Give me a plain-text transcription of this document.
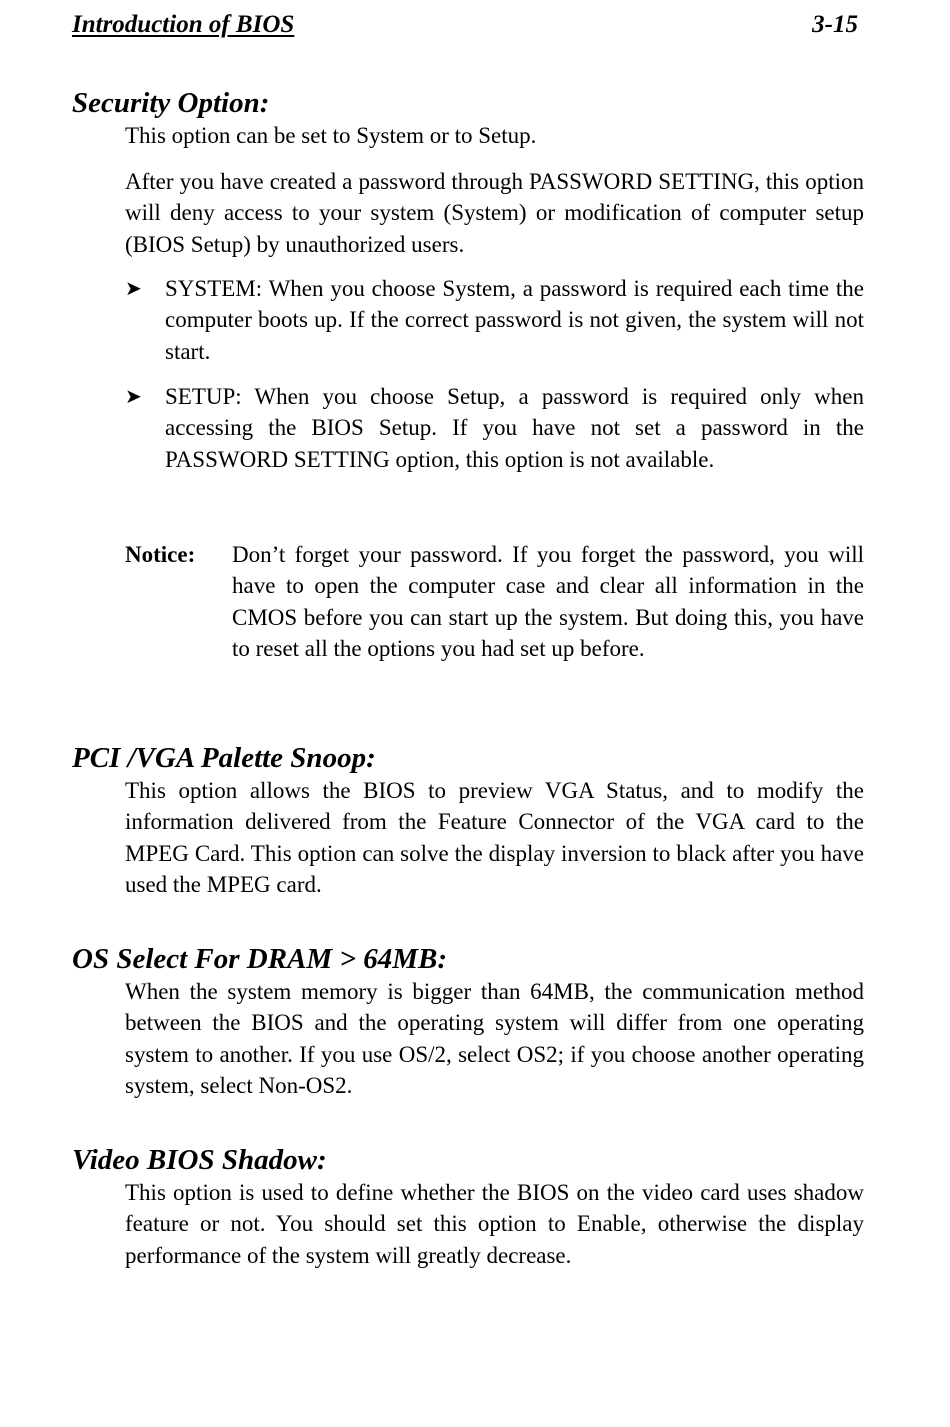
Introduction of BIOS	3-15
Security Option:

This option can be set to System or to Setup.

After you have created a password through PASSWORD SETTING, this option will deny access to your system (System) or modification of computer setup (BIOS Setup) by unauthorized users.

➤ SYSTEM: When you choose System, a password is required each time the computer boots up. If the correct password is not given, the system will not start.
➤ SETUP: When you choose Setup, a password is required only when accessing the BIOS Setup. If you have not set a password in the PASSWORD SETTING option, this option is not available.
Notice: Don’t forget your password. If you forget the password, you will have to open the computer case and clear all information in the CMOS before you can start up the system. But doing this, you have to reset all the options you had set up before.
PCI /VGA Palette Snoop:

This option allows the BIOS to preview VGA Status, and to modify the information delivered from the Feature Connector of the VGA card to the MPEG Card. This option can solve the display inversion to black after you have used the MPEG card.

OS Select For DRAM > 64MB:

When the system memory is bigger than 64MB, the communication method between the BIOS and the operating system will differ from one operating system to another. If you use OS/2, select OS2; if you choose another operating system, select Non-OS2.

Video BIOS Shadow:

This option is used to define whether the BIOS on the video card uses shadow feature or not. You should set this option to Enable, otherwise the display performance of the system will greatly decrease.
